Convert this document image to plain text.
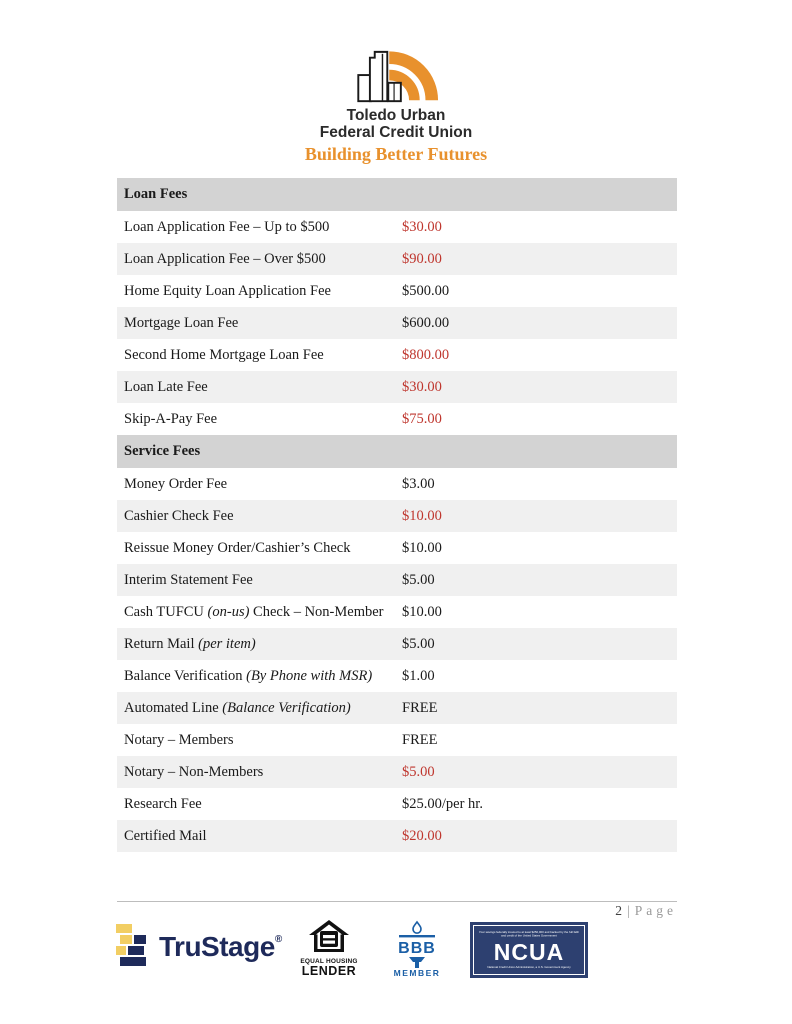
Toledo Urban
Federal Credit Union
Building Better Futures
Loan Fees
Loan Application Fee – Up to $500	$30.00
Loan Application Fee – Over $500	$90.00
Home Equity Loan Application Fee	$500.00
Mortgage Loan Fee	$600.00
Second Home Mortgage Loan Fee	$800.00
Loan Late Fee	$30.00
Skip-A-Pay Fee	$75.00
Service Fees
Money Order Fee	$3.00
Cashier Check Fee	$10.00
Reissue Money Order/Cashier’s Check	$10.00
Interim Statement Fee	$5.00
Cash TUFCU (on-us) Check – Non-Member $10.00
Return Mail (per item)	$5.00
Balance Verification (By Phone with MSR) $1.00
Automated Line (Balance Verification)	FREE
Notary – Members	FREE
Notary – Non-Members	$5.00
Research Fee	$25.00/per hr.
Certified Mail	$20.00
2 | Page
TruStage®
EQUAL HOUSING
LENDER
BBB
MEMBER
Your savings federally insured to at least $250,000 and backed by the full faith and credit of the United States Government
NCUA
National Credit Union Administration, a U.S. Government Agency
